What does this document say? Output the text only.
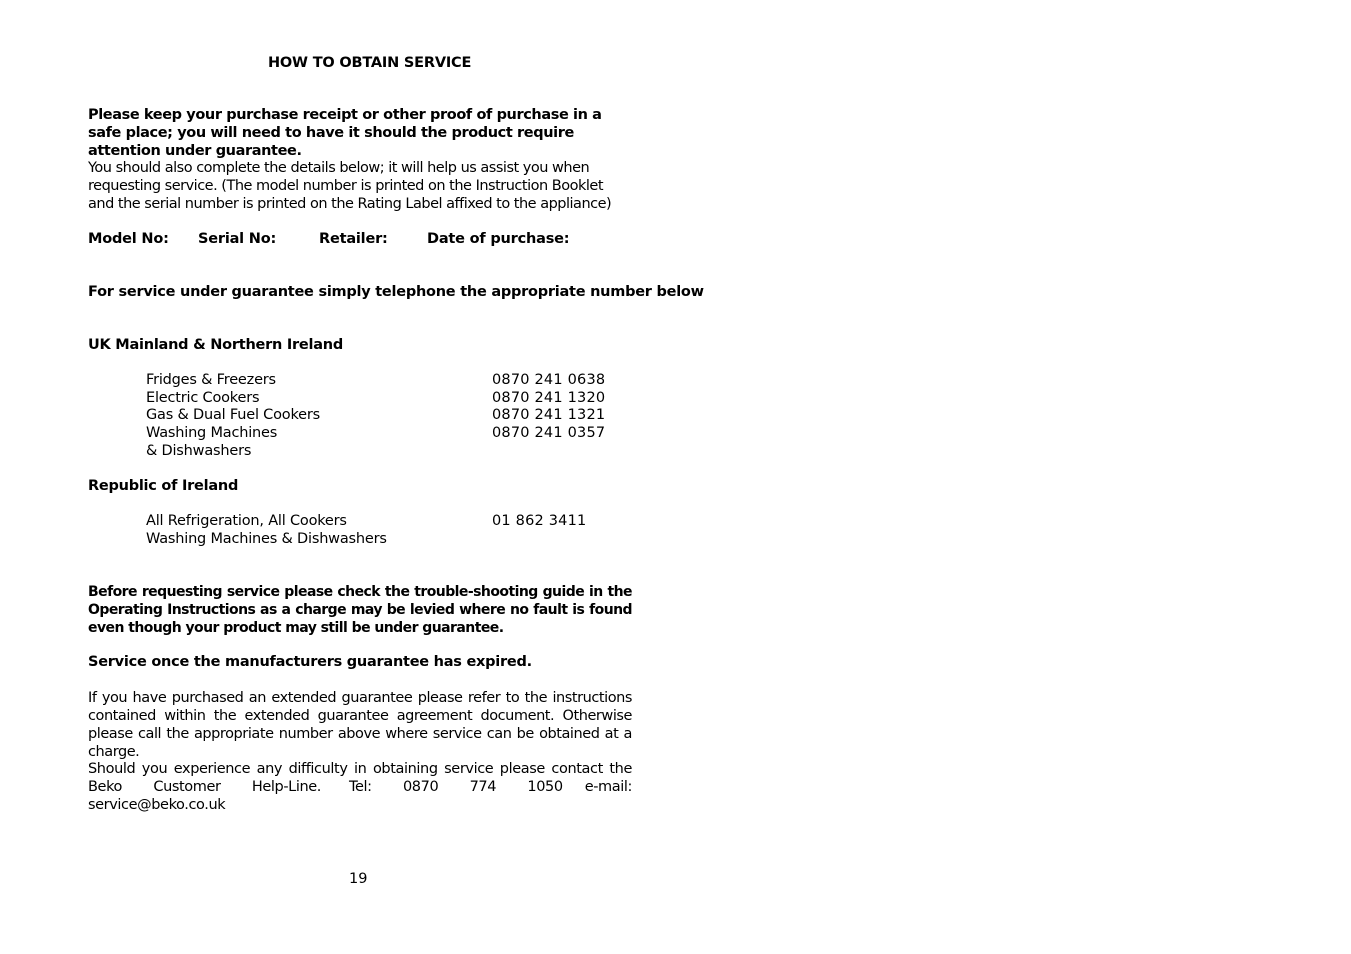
HOW TO OBTAIN SERVICE
Please keep your purchase receipt or other proof of purchase in a safe place; you will need to have it should the product require attention under guarantee.
You should also complete the details below; it will help us assist you when requesting service. (The model number is printed on the Instruction Booklet and the serial number is printed on the Rating Label affixed to the appliance)
Model No: Serial No:	Retailer:	Date of purchase:
For service under guarantee simply telephone the appropriate number below
UK Mainland & Northern Ireland
Fridges & Freezers	0870 241 0638
Electric Cookers	0870 241 1320
Gas & Dual Fuel Cookers	0870 241 1321
Washing Machines	0870 241 0357
& Dishwashers
Republic of Ireland
All Refrigeration, All Cookers	01 862 3411
Washing Machines & Dishwashers
Before requesting service please check the trouble-shooting guide in the Operating Instructions as a charge may be levied where no fault is found even though your product may still be under guarantee.
Service once the manufacturers guarantee has expired.
If you have purchased an extended guarantee please refer to the instructions contained within the extended guarantee agreement document. Otherwise please call the appropriate number above where service can be obtained at a charge.
Should you experience any difficulty in obtaining service please contact the Beko Customer Help-Line. Tel: 0870 774 1050 e-mail: service@beko.co.uk
19
